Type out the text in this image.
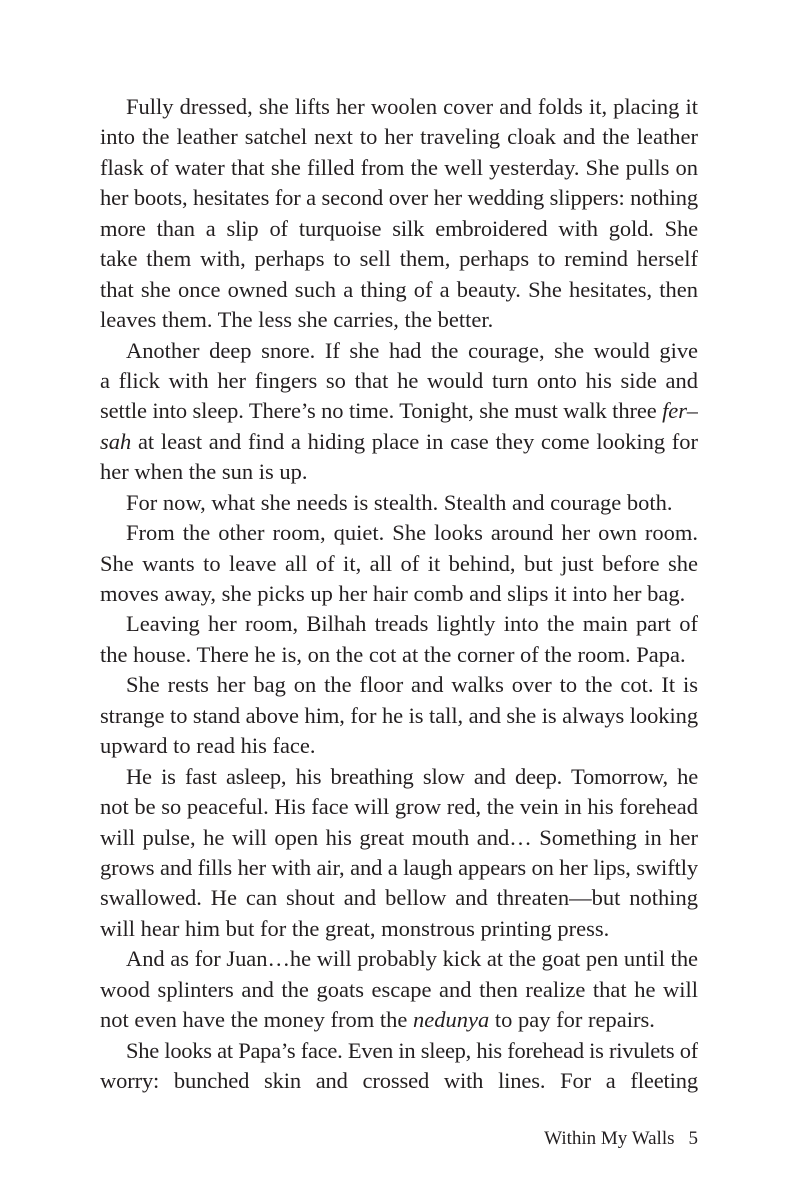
Fully dressed, she lifts her woolen cover and folds it, placing it
into the leather satchel next to her traveling cloak and the leather
flask of water that she filled from the well yesterday. She pulls on
her boots, hesitates for a second over her wedding slippers: nothing
more than a slip of turquoise silk embroidered with gold. She
take them with, perhaps to sell them, perhaps to remind herself
that she once owned such a thing of a beauty. She hesitates, then
leaves them. The less she carries, the better.
Another deep snore. If she had the courage, she would give
a flick with her fingers so that he would turn onto his side and
settle into sleep. There’s no time. Tonight, she must walk three fer–
sah at least and find a hiding place in case they come looking for
her when the sun is up.
For now, what she needs is stealth. Stealth and courage both.
From the other room, quiet. She looks around her own room.
She wants to leave all of it, all of it behind, but just before she
moves away, she picks up her hair comb and slips it into her bag.
Leaving her room, Bilhah treads lightly into the main part of
the house. There he is, on the cot at the corner of the room. Papa.
She rests her bag on the floor and walks over to the cot. It is
strange to stand above him, for he is tall, and she is always looking
upward to read his face.
He is fast asleep, his breathing slow and deep. Tomorrow, he
not be so peaceful. His face will grow red, the vein in his forehead
will pulse, he will open his great mouth and… Something in her
grows and fills her with air, and a laugh appears on her lips, swiftly
swallowed. He can shout and bellow and threaten—but nothing
will hear him but for the great, monstrous printing press.
And as for Juan…he will probably kick at the goat pen until the
wood splinters and the goats escape and then realize that he will
not even have the money from the nedunya to pay for repairs.
She looks at Papa’s face. Even in sleep, his forehead is rivulets of
worry: bunched skin and crossed with lines. For a fleeting
Within My Walls 5
